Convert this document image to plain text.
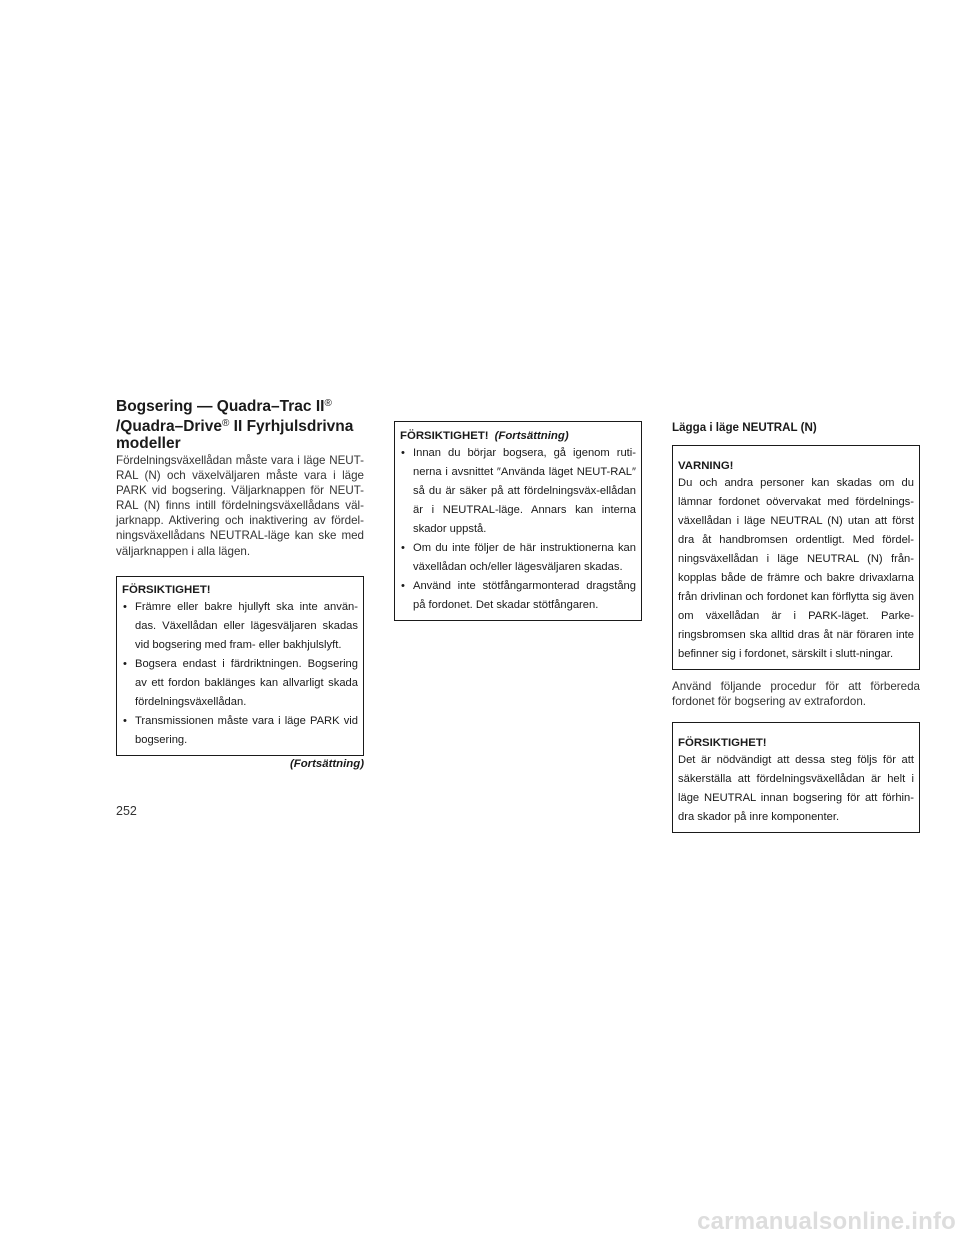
Bogsering — Quadra–Trac II®
/Quadra–Drive® II Fyrhjulsdrivna
modeller

Fördelningsväxellådan måste vara i läge NEUT-RAL (N) och växelväljaren måste vara i läge PARK vid bogsering. Väljarknappen för NEUT-RAL (N) finns intill fördelningsväxellådans väl-jarknapp. Aktivering och inaktivering av fördel-ningsväxellådans NEUTRAL-läge kan ske med väljarknappen i alla lägen.

FÖRSIKTIGHET!
• Främre eller bakre hjullyft ska inte använ-das. Växellådan eller lägesväljaren skadas vid bogsering med fram- eller bakhjulslyft.
• Bogsera endast i färdriktningen. Bogsering av ett fordon baklänges kan allvarligt skada fördelningsväxellådan.
• Transmissionen måste vara i läge PARK vid bogsering.
(Fortsättning)
FÖRSIKTIGHET! (Fortsättning)
• Innan du börjar bogsera, gå igenom ruti-nerna i avsnittet ″Använda läget NEUT-RAL″ så du är säker på att fördelningsväx-ellådan är i NEUTRAL-läge. Annars kan interna skador uppstå.
• Om du inte följer de här instruktionerna kan växellådan och/eller lägesväljaren skadas.
• Använd inte stötfångarmonterad dragstång på fordonet. Det skadar stötfångaren.
Lägga i läge NEUTRAL (N)
VARNING!

Du och andra personer kan skadas om du lämnar fordonet oövervakat med fördelnings-växellådan i läge NEUTRAL (N) utan att först dra åt handbromsen ordentligt. Med fördel-ningsväxellådan i läge NEUTRAL (N) från-kopplas både de främre och bakre drivaxlarna från drivlinan och fordonet kan förflytta sig även om växellådan är i PARK-läget. Parke-ringsbromsen ska alltid dras åt när föraren inte befinner sig i fordonet, särskilt i slutt-ningar.

Använd följande procedur för att förbereda fordonet för bogsering av extrafordon.

FÖRSIKTIGHET!

Det är nödvändigt att dessa steg följs för att säkerställa att fördelningsväxellådan är helt i läge NEUTRAL innan bogsering för att förhin-dra skador på inre komponenter.

252
carmanualsonline.info
